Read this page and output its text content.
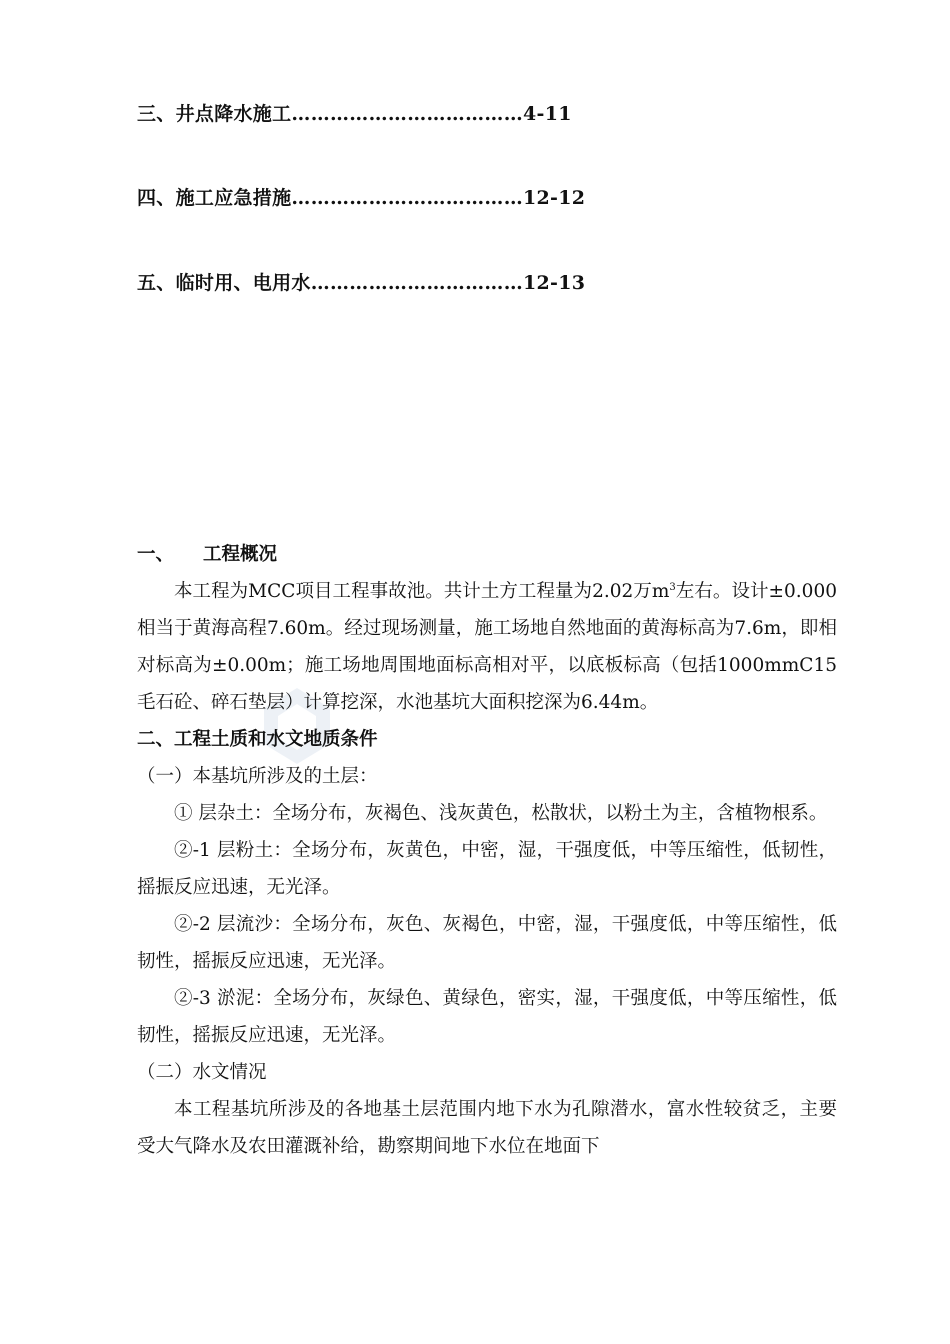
三、井点降水施工………………………………4-11
四、施工应急措施………………………………12-12
五、临时用、电用水……………………………12-13

一、 工程概况

本工程为MCC项目工程事故池。共计土方工程量为2.02万$m^3$左右。设计±0.000相当于黄海高程7.60m。经过现场测量，施工场地自然地面的黄海标高为7.6m，即相对标高为±0.00m；施工场地周围地面标高相对平，以底板标高（包括1000mmC15毛石砼、碎石垫层）计算挖深，水池基坑大面积挖深为6.44m。

二、工程土质和水文地质条件

（一）本基坑所涉及的土层：

① 层杂土：全场分布，灰褐色、浅灰黄色，松散状，以粉土为主，含植物根系。

②-1 层粉土：全场分布，灰黄色，中密，湿，干强度低，中等压缩性，低韧性，摇振反应迅速，无光泽。

②-2 层流沙：全场分布，灰色、灰褐色，中密，湿，干强度低，中等压缩性，低韧性，摇振反应迅速，无光泽。

②-3 淤泥：全场分布，灰绿色、黄绿色，密实，湿，干强度低，中等压缩性，低韧性，摇振反应迅速，无光泽。

（二）水文情况

本工程基坑所涉及的各地基土层范围内地下水为孔隙潜水，富水性较贫乏，主要受大气降水及农田灌溉补给，勘察期间地下水位在地面下
